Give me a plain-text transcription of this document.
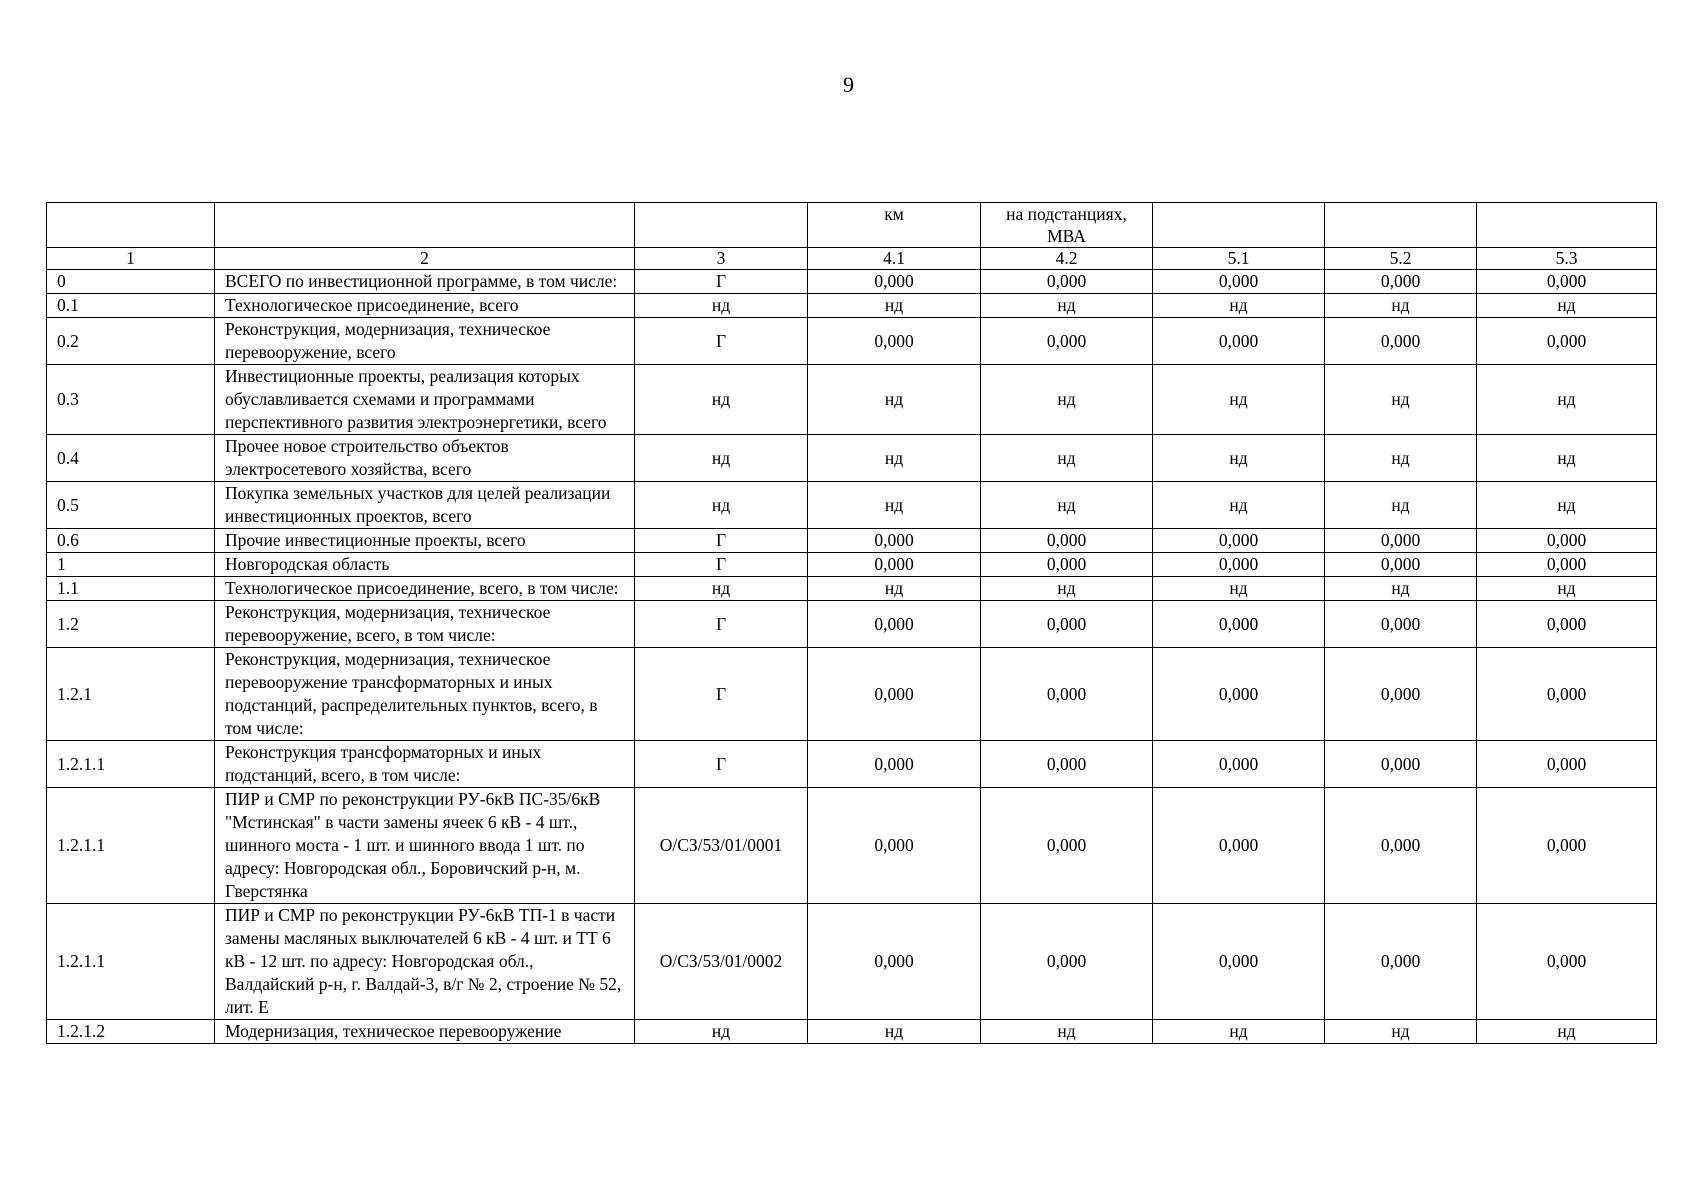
9
			км	на подстанциях, МВА			
1	2	3	4.1	4.2	5.1	5.2	5.3
0	ВСЕГО по инвестиционной программе, в том числе:	Г	0,000	0,000	0,000	0,000	0,000
0.1	Технологическое присоединение, всего	нд	нд	нд	нд	нд	нд
0.2	Реконструкция, модернизация, техническое перевооружение, всего	Г	0,000	0,000	0,000	0,000	0,000
0.3	Инвестиционные проекты, реализация которых обуславливается схемами и программами перспективного развития электроэнергетики, всего	нд	нд	нд	нд	нд	нд
0.4	Прочее новое строительство объектов электросетевого хозяйства, всего	нд	нд	нд	нд	нд	нд
0.5	Покупка земельных участков для целей реализации инвестиционных проектов, всего	нд	нд	нд	нд	нд	нд
0.6	Прочие инвестиционные проекты, всего	Г	0,000	0,000	0,000	0,000	0,000
1	Новгородская область	Г	0,000	0,000	0,000	0,000	0,000
1.1	Технологическое присоединение, всего, в том числе:	нд	нд	нд	нд	нд	нд
1.2	Реконструкция, модернизация, техническое перевооружение, всего, в том числе:	Г	0,000	0,000	0,000	0,000	0,000
1.2.1	Реконструкция, модернизация, техническое перевооружение трансформаторных и иных подстанций, распределительных пунктов, всего, в том числе:	Г	0,000	0,000	0,000	0,000	0,000
1.2.1.1	Реконструкция трансформаторных и иных подстанций, всего, в том числе:	Г	0,000	0,000	0,000	0,000	0,000
1.2.1.1	ПИР и СМР по реконструкции РУ-6кВ ПС-35/6кВ "Мстинская" в части замены ячеек 6 кВ - 4 шт., шинного моста - 1 шт. и шинного ввода 1 шт. по адресу: Новгородская обл., Боровичский р-н, м. Гверстянка	О/СЗ/53/01/0001	0,000	0,000	0,000	0,000	0,000
1.2.1.1	ПИР и СМР по реконструкции РУ-6кВ ТП-1 в части замены масляных выключателей 6 кВ - 4 шт. и ТТ 6 кВ - 12 шт. по адресу: Новгородская обл., Валдайский р-н, г. Валдай-3, в/г № 2, строение № 52, лит. Е	О/СЗ/53/01/0002	0,000	0,000	0,000	0,000	0,000
1.2.1.2	Модернизация, техническое перевооружение	нд	нд	нд	нд	нд	нд
